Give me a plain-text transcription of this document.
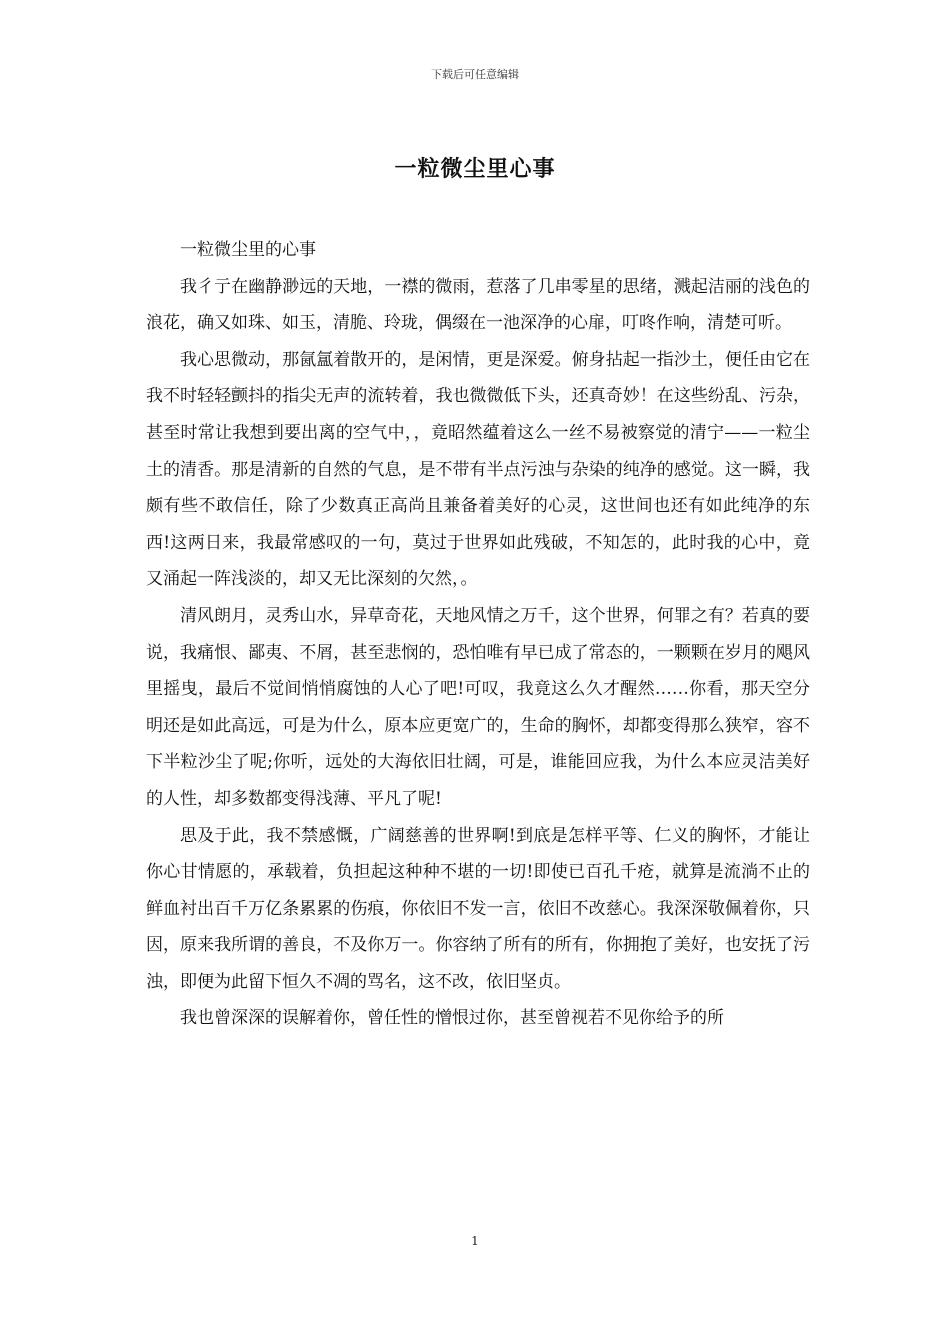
下载后可任意编辑
一粒微尘里心事

一粒微尘里的心事

我彳亍在幽静渺远的天地，一襟的微雨，惹落了几串零星的思绪，溅起洁丽的浅色的浪花，确又如珠、如玉，清脆、玲珑，偶缀在一池深净的心扉，叮咚作响，清楚可听。

我心思微动，那氤氲着散开的，是闲情，更是深爱。俯身拈起一指沙土，便任由它在我不时轻轻颤抖的指尖无声的流转着，我也微微低下头，还真奇妙！在这些纷乱、污杂，甚至时常让我想到要出离的空气中，，竟昭然蕴着这么一丝不易被察觉的清宁——一粒尘土的清香。那是清新的自然的气息，是不带有半点污浊与杂染的纯净的感觉。这一瞬，我颇有些不敢信任，除了少数真正高尚且兼备着美好的心灵，这世间也还有如此纯净的东西!这两日来，我最常感叹的一句，莫过于世界如此残破，不知怎的，此时我的心中，竟又涌起一阵浅淡的，却又无比深刻的欠然，。

清风朗月，灵秀山水，异草奇花，天地风情之万千，这个世界，何罪之有？若真的要说，我痛恨、鄙夷、不屑，甚至悲悯的，恐怕唯有早已成了常态的，一颗颗在岁月的飓风里摇曳，最后不觉间悄悄腐蚀的人心了吧!可叹，我竟这么久才醒然……你看，那天空分明还是如此高远，可是为什么，原本应更宽广的，生命的胸怀，却都变得那么狭窄，容不下半粒沙尘了呢;你听，远处的大海依旧壮阔，可是，谁能回应我，为什么本应灵洁美好的人性，却多数都变得浅薄、平凡了呢!

思及于此，我不禁感慨，广阔慈善的世界啊!到底是怎样平等、仁义的胸怀，才能让你心甘情愿的，承载着，负担起这种种不堪的一切!即使已百孔千疮，就算是流淌不止的鲜血衬出百千万亿条累累的伤痕，你依旧不发一言，依旧不改慈心。我深深敬佩着你，只因，原来我所谓的善良，不及你万一。你容纳了所有的所有，你拥抱了美好，也安抚了污浊，即便为此留下恒久不凋的骂名，这不改，依旧坚贞。

我也曾深深的误解着你，曾任性的憎恨过你，甚至曾视若不见你给予的所

1
